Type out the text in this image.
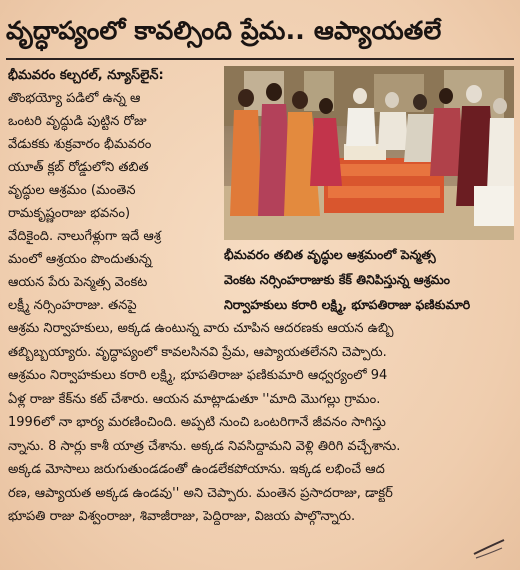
వృద్ధాప్యంలో కావల్సింది ప్రేమ.. ఆప్యాయతలే
భీమవరం కల్చరల్, న్యూస్‌లైన్:
తొంభయ్యో పడిలో ఉన్న ఆ
ఒంటరి వృద్ధుడి పుట్టిన రోజు
వేడుకకు శుక్రవారం భీమవరం
యూత్ క్లబ్ రోడ్డులోని తబిత
వృద్ధుల ఆశ్రమం (మంతెన
రామకృష్ణంరాజు భవనం)
వేదికైంది. నాలుగేళ్లుగా ఇదే ఆశ్ర
మంలో ఆశ్రయం పొందుతున్న
ఆయన పేరు పెన్మత్స వెంకట
లక్ష్మీ నర్సింహరాజు. తనపై
భీమవరం తబిత వృద్ధుల ఆశ్రమంలో పెన్మత్స
వెంకట నర్సింహరాజుకు కేక్ తినిపిస్తున్న ఆశ్రమం
నిర్వాహకులు కరారి లక్ష్మి, భూపతిరాజు ఫణికుమారి
ఆశ్రమ నిర్వాహకులు, అక్కడ ఉంటున్న వారు చూపిన ఆదరణకు ఆయన ఉబ్బి
తబ్బిబ్బయ్యారు. వృద్ధాప్యంలో కావలసినవి ప్రేమ, ఆప్యాయతలేనని చెప్పారు.
ఆశ్రమం నిర్వాహకులు కరారి లక్ష్మి, భూపతిరాజు ఫణికుమారి ఆధ్వర్యంలో 94
ఏళ్ల రాజు కేక్‌ను కట్ చేశారు. ఆయన మాట్లాడుతూ ''మాది మొగల్లు గ్రామం.
1996లో నా భార్య మరణించింది. అప్పటి నుంచి ఒంటరిగానే జీవనం సాగిస్తు
న్నాను. 8 సార్లు కాశీ యాత్ర చేశాను. అక్కడ నివసిద్దామని వెళ్లి తిరిగి వచ్చేశాను.
అక్కడ మోసాలు జరుగుతుండడంతో ఉండలేకపోయాను. ఇక్కడ లభించే ఆద
రణ, ఆప్యాయత అక్కడ ఉండవు'' అని చెప్పారు. మంతెన ప్రసాదరాజు, డాక్టర్
భూపతి రాజు విశ్వంరాజు, శివాజీరాజు, పెద్దిరాజు, విజయ పాల్గొన్నారు.
